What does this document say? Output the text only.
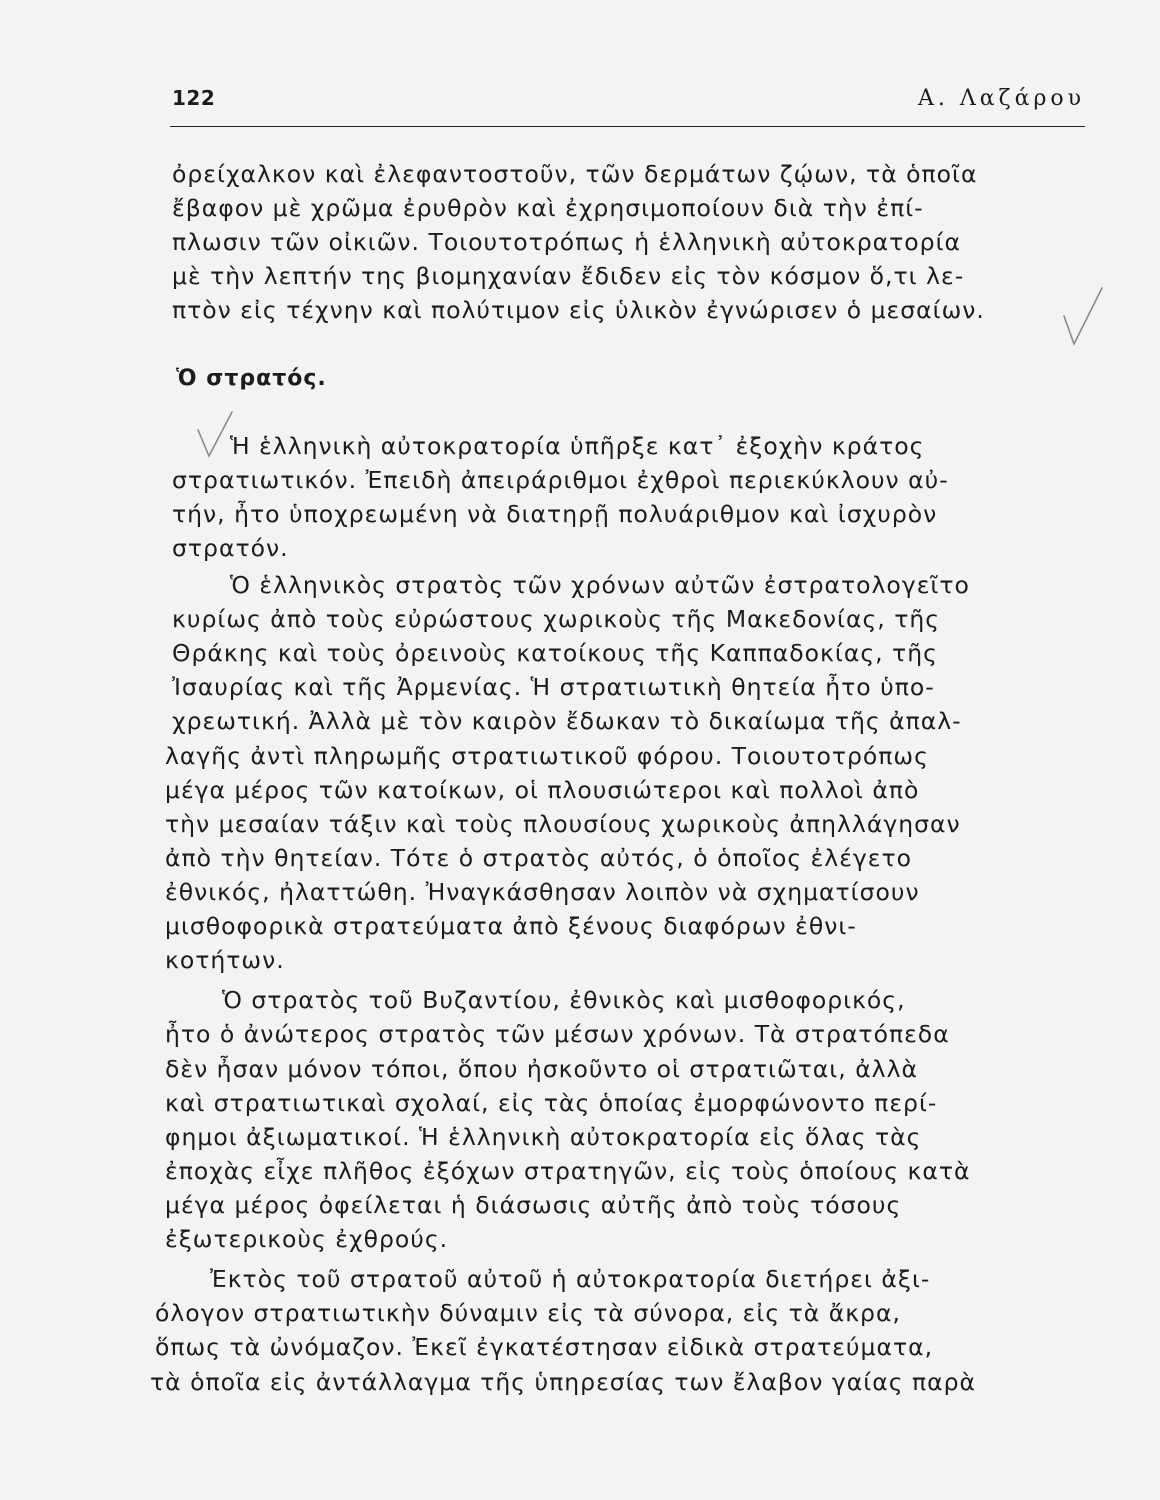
122	Α. Λαζάρου

ὀρείχαλκον καὶ ἐλεφαντοστοῦν, τῶν δερμάτων ζῴων, τὰ ὁποῖα

ἔβαφον μὲ χρῶμα ἐρυθρὸν καὶ ἐχρησιμοποίουν διὰ τὴν ἐπί-

πλωσιν τῶν οἰκιῶν. Τοιουτοτρόπως ἡ ἑλληνικὴ αὐτοκρατορία

μὲ τὴν λεπτήν της βιομηχανίαν ἔδιδεν εἰς τὸν κόσμον ὅ,τι λε-

πτὸν εἰς τέχνην καὶ πολύτιμον εἰς ὑλικὸν ἐγνώρισεν ὁ μεσαίων.

Ὁ στρατός.

Ἡ ἑλληνικὴ αὐτοκρατορία ὑπῆρξε κατ᾽ ἐξοχὴν κράτος

στρατιωτικόν. Ἐπειδὴ ἀπειράριθμοι ἐχθροὶ περιεκύκλουν αὐ-

τήν, ἦτο ὑποχρεωμένη νὰ διατηρῇ πολυάριθμον καὶ ἰσχυρὸν

στρατόν.

Ὁ ἑλληνικὸς στρατὸς τῶν χρόνων αὐτῶν ἐστρατολογεῖτο

κυρίως ἀπὸ τοὺς εὐρώστους χωρικοὺς τῆς Μακεδονίας, τῆς

Θράκης καὶ τοὺς ὀρεινοὺς κατοίκους τῆς Καππαδοκίας, τῆς

Ἰσαυρίας καὶ τῆς Ἀρμενίας. Ἡ στρατιωτικὴ θητεία ἦτο ὑπο-

χρεωτική. Ἀλλὰ μὲ τὸν καιρὸν ἔδωκαν τὸ δικαίωμα τῆς ἀπαλ-

λαγῆς ἀντὶ πληρωμῆς στρατιωτικοῦ φόρου. Τοιουτοτρόπως

μέγα μέρος τῶν κατοίκων, οἱ πλουσιώτεροι καὶ πολλοὶ ἀπὸ

τὴν μεσαίαν τάξιν καὶ τοὺς πλουσίους χωρικοὺς ἀπηλλάγησαν

ἀπὸ τὴν θητείαν. Τότε ὁ στρατὸς αὐτός, ὁ ὁποῖος ἐλέγετο

ἐθνικός, ἠλαττώθη. Ἠναγκάσθησαν λοιπὸν νὰ σχηματίσουν

μισθοφορικὰ στρατεύματα ἀπὸ ξένους διαφόρων ἐθνι-

κοτήτων.

Ὁ στρατὸς τοῦ Βυζαντίου, ἐθνικὸς καὶ μισθοφορικός,

ἦτο ὁ ἀνώτερος στρατὸς τῶν μέσων χρόνων. Τὰ στρατόπεδα

δὲν ἦσαν μόνον τόποι, ὅπου ἠσκοῦντο οἱ στρατιῶται, ἀλλὰ

καὶ στρατιωτικαὶ σχολαί, εἰς τὰς ὁποίας ἐμορφώνοντο περί-

φημοι ἀξιωματικοί. Ἡ ἑλληνικὴ αὐτοκρατορία εἰς ὅλας τὰς

ἐποχὰς εἶχε πλῆθος ἐξόχων στρατηγῶν, εἰς τοὺς ὁποίους κατὰ

μέγα μέρος ὀφείλεται ἡ διάσωσις αὐτῆς ἀπὸ τοὺς τόσους

ἐξωτερικοὺς ἐχθρούς.

Ἐκτὸς τοῦ στρατοῦ αὐτοῦ ἡ αὐτοκρατορία διετήρει ἀξι-

όλογον στρατιωτικὴν δύναμιν εἰς τὰ σύνορα, εἰς τὰ ἄκρα,

ὅπως τὰ ὠνόμαζον. Ἐκεῖ ἐγκατέστησαν εἰδικὰ στρατεύματα,

τὰ ὁποῖα εἰς ἀντάλλαγμα τῆς ὑπηρεσίας των ἔλαβον γαίας παρὰ
